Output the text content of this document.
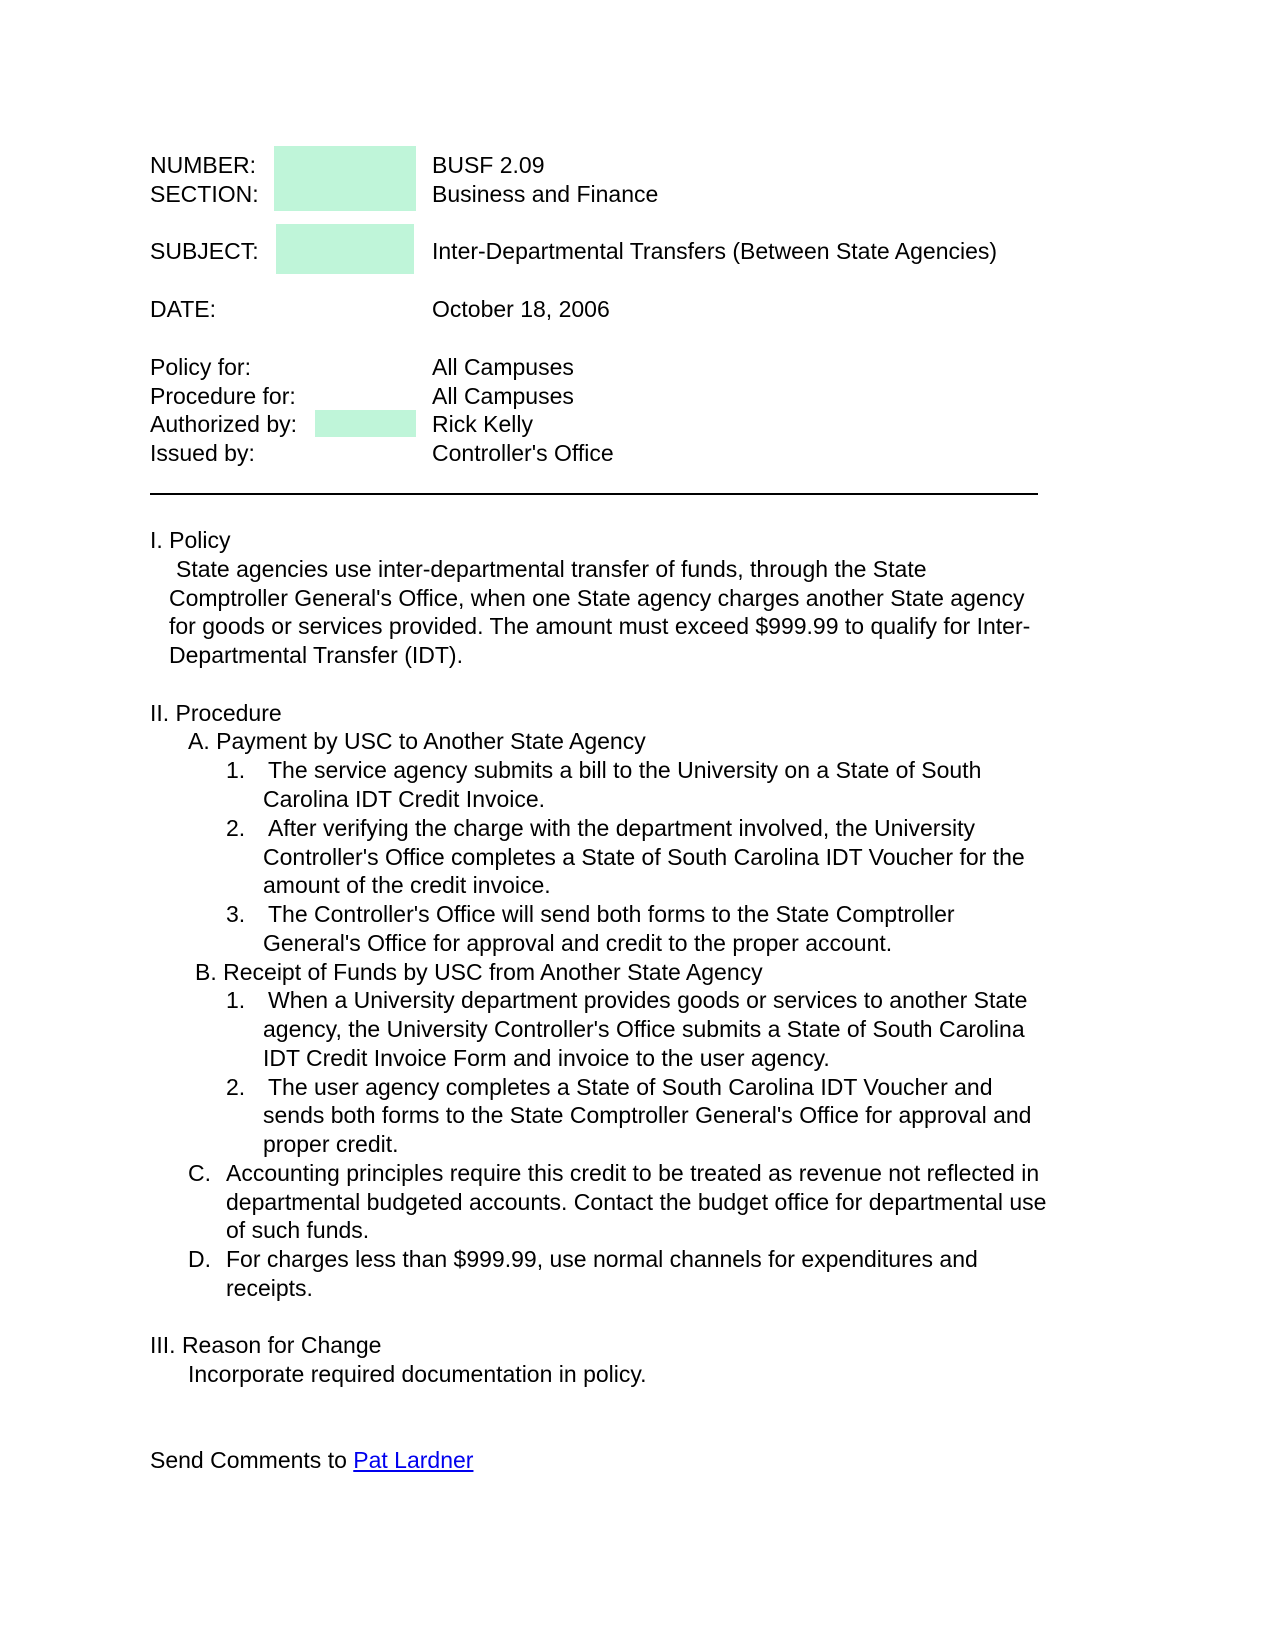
NUMBER:	BUSF 2.09
SECTION:	Business and Finance
SUBJECT:	Inter-Departmental Transfers (Between State Agencies)
DATE:	October 18, 2006
Policy for:	All Campuses
Procedure for:	All Campuses
Authorized by:	Rick Kelly
Issued by:	Controller's Office
I. Policy
State agencies use inter-departmental transfer of funds, through the State
Comptroller General's Office, when one State agency charges another State agency
for goods or services provided. The amount must exceed $999.99 to qualify for Inter-
Departmental Transfer (IDT).
II. Procedure
A. Payment by USC to Another State Agency
1. The service agency submits a bill to the University on a State of South
Carolina IDT Credit Invoice.
2. After verifying the charge with the department involved, the University
Controller's Office completes a State of South Carolina IDT Voucher for the
amount of the credit invoice.
3. The Controller's Office will send both forms to the State Comptroller
General's Office for approval and credit to the proper account.
B. Receipt of Funds by USC from Another State Agency
1. When a University department provides goods or services to another State
agency, the University Controller's Office submits a State of South Carolina
IDT Credit Invoice Form and invoice to the user agency.
2. The user agency completes a State of South Carolina IDT Voucher and
sends both forms to the State Comptroller General's Office for approval and
proper credit.
C. Accounting principles require this credit to be treated as revenue not reflected in
departmental budgeted accounts. Contact the budget office for departmental use
of such funds.
D. For charges less than $999.99, use normal channels for expenditures and
receipts.
III. Reason for Change
Incorporate required documentation in policy.
Send Comments to Pat Lardner
